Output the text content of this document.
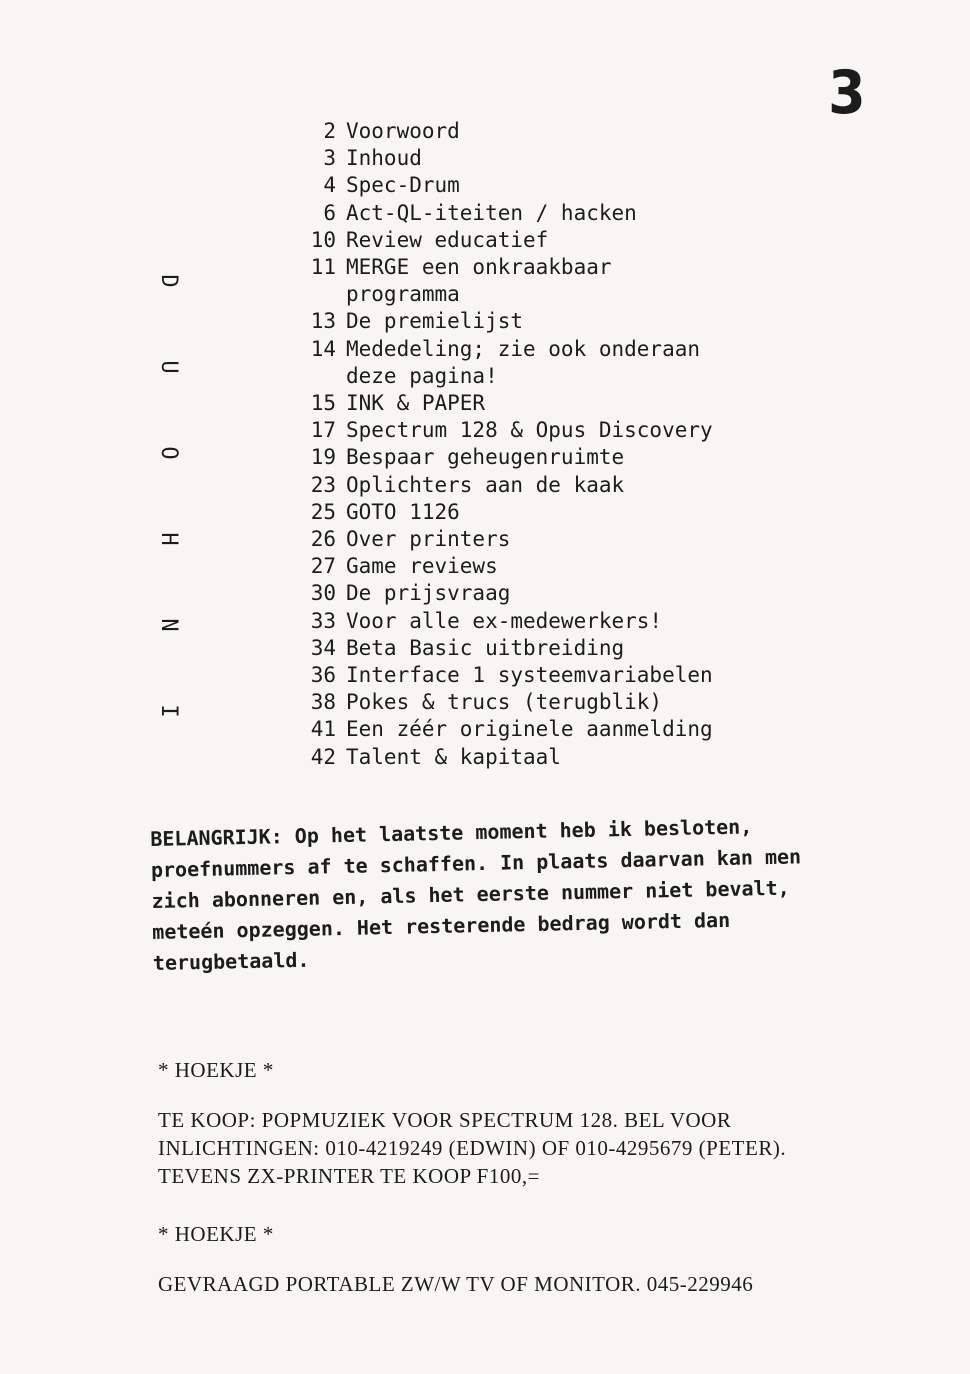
3
D
U
O
H
N
I
2 Voorwoord
3 Inhoud
4 Spec-Drum
6 Act-QL-iteiten / hacken
10 Review educatief
11 MERGE een onkraakbaar
programma
13 De premielijst
14 Mededeling; zie ook onderaan
deze pagina!
15 INK & PAPER
17 Spectrum 128 & Opus Discovery
19 Bespaar geheugenruimte
23 Oplichters aan de kaak
25 GOTO 1126
26 Over printers
27 Game reviews
30 De prijsvraag
33 Voor alle ex-medewerkers!
34 Beta Basic uitbreiding
36 Interface 1 systeemvariabelen
38 Pokes & trucs (terugblik)
41 Een zéér originele aanmelding
42 Talent & kapitaal
BELANGRIJK: Op het laatste moment heb ik besloten, proefnummers af te schaffen. In plaats daarvan kan men zich abonneren en, als het eerste nummer niet bevalt, meteén opzeggen. Het resterende bedrag wordt dan terugbetaald.
* HOEKJE *
TE KOOP: POPMUZIEK VOOR SPECTRUM 128. BEL VOOR INLICHTINGEN: 010-4219249 (EDWIN) OF 010-4295679 (PETER). TEVENS ZX-PRINTER TE KOOP F100,=
* HOEKJE *
GEVRAAGD PORTABLE ZW/W TV OF MONITOR. 045-229946
